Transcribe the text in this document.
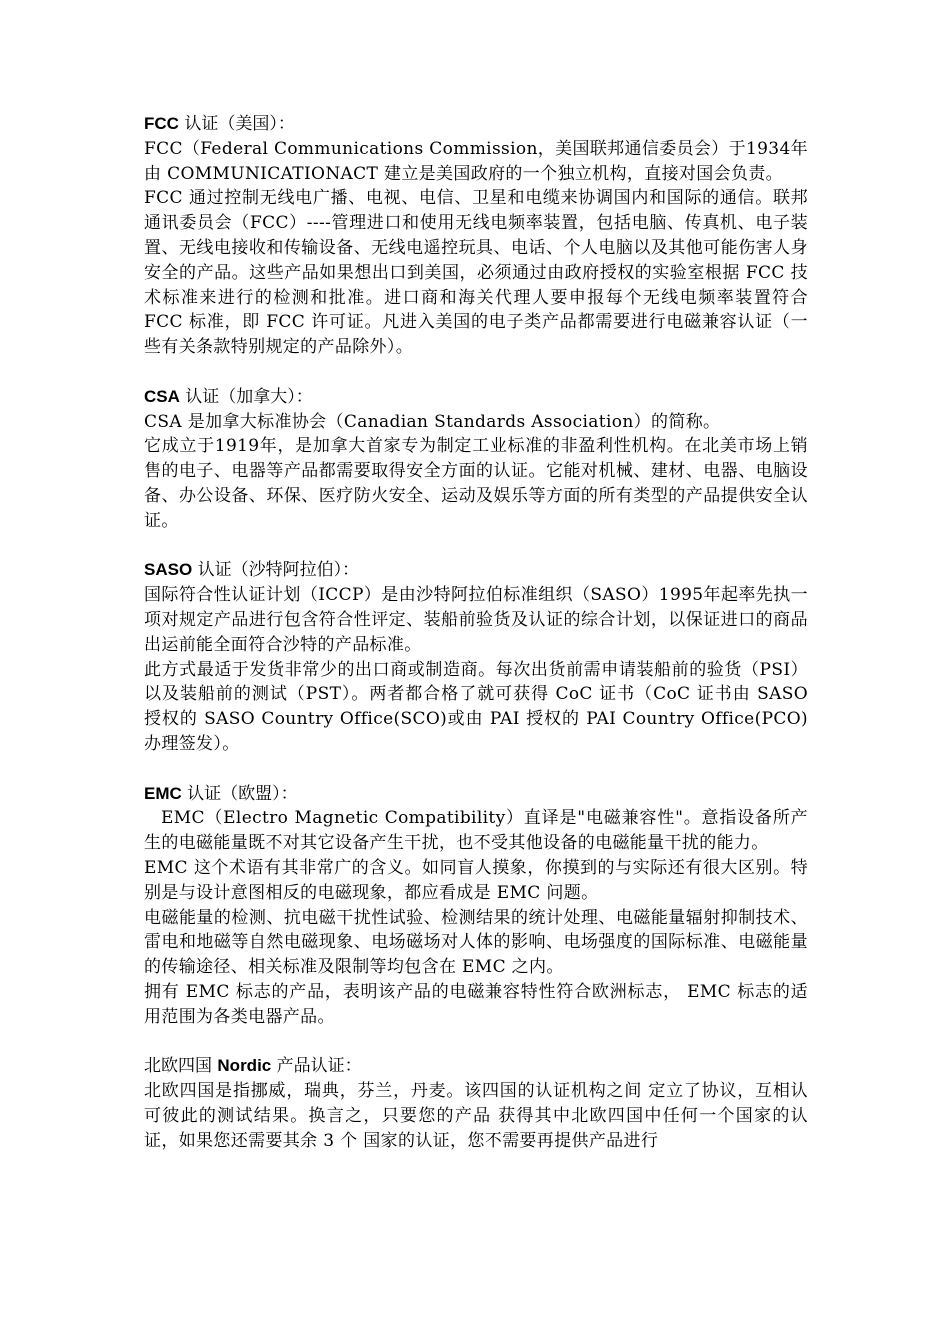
FCC 认证（美国）：

FCC（Federal Communications Commission，美国联邦通信委员会）于1934年由 COMMUNICATIONACT 建立是美国政府的一个独立机构，直接对国会负责。

FCC 通过控制无线电广播、电视、电信、卫星和电缆来协调国内和国际的通信。联邦通讯委员会（FCC）----管理进口和使用无线电频率装置，包括电脑、传真机、电子装置、无线电接收和传输设备、无线电遥控玩具、电话、个人电脑以及其他可能伤害人身安全的产品。这些产品如果想出口到美国，必须通过由政府授权的实验室根据 FCC 技术标准来进行的检测和批准。进口商和海关代理人要申报每个无线电频率装置符合 FCC 标准，即 FCC 许可证。凡进入美国的电子类产品都需要进行电磁兼容认证（一些有关条款特别规定的产品除外）。

CSA 认证（加拿大）：

CSA 是加拿大标准协会（Canadian Standards Association）的简称。

它成立于1919年，是加拿大首家专为制定工业标准的非盈利性机构。在北美市场上销售的电子、电器等产品都需要取得安全方面的认证。它能对机械、建材、电器、电脑设备、办公设备、环保、医疗防火安全、运动及娱乐等方面的所有类型的产品提供安全认证。

SASO 认证（沙特阿拉伯）：

国际符合性认证计划（ICCP）是由沙特阿拉伯标准组织（SASO）1995年起率先执一项对规定产品进行包含符合性评定、装船前验货及认证的综合计划，以保证进口的商品出运前能全面符合沙特的产品标准。

此方式最适于发货非常少的出口商或制造商。每次出货前需申请装船前的验货（PSI）以及装船前的测试（PST）。两者都合格了就可获得 CoC 证书（CoC 证书由 SASO 授权的 SASO Country Office(SCO)或由 PAI 授权的 PAI Country Office(PCO)办理签发）。

EMC 认证（欧盟）：

EMC（Electro Magnetic Compatibility）直译是"电磁兼容性"。意指设备所产生的电磁能量既不对其它设备产生干扰，也不受其他设备的电磁能量干扰的能力。

EMC 这个术语有其非常广的含义。如同盲人摸象，你摸到的与实际还有很大区别。特别是与设计意图相反的电磁现象，都应看成是 EMC 问题。

电磁能量的检测、抗电磁干扰性试验、检测结果的统计处理、电磁能量辐射抑制技术、雷电和地磁等自然电磁现象、电场磁场对人体的影响、电场强度的国际标准、电磁能量的传输途径、相关标准及限制等均包含在 EMC 之内。

拥有 EMC 标志的产品，表明该产品的电磁兼容特性符合欧洲标志， EMC 标志的适用范围为各类电器产品。

北欧四国 Nordic 产品认证：

北欧四国是指挪威，瑞典，芬兰，丹麦。该四国的认证机构之间 定立了协议，互相认可彼此的测试结果。换言之，只要您的产品 获得其中北欧四国中任何一个国家的认证，如果您还需要其余 3 个 国家的认证，您不需要再提供产品进行
